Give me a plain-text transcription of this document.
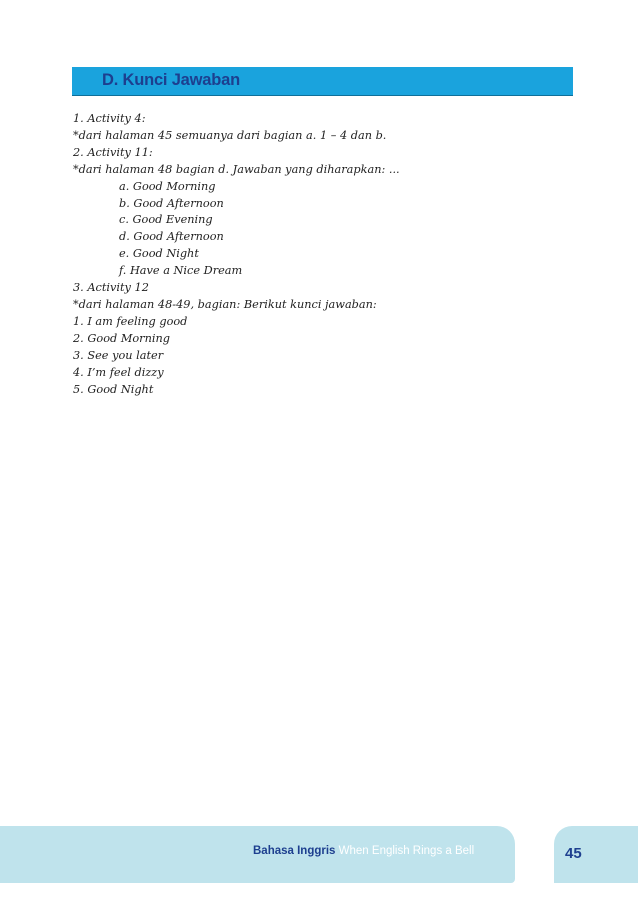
D. Kunci Jawaban
1. Activity 4:
*dari halaman 45 semuanya dari bagian a. 1 – 4 dan b.
2. Activity 11:
*dari halaman 48 bagian d. Jawaban yang diharapkan: ...
a. Good Morning
b. Good Afternoon
c. Good Evening
d. Good Afternoon
e. Good Night
f. Have a Nice Dream
3. Activity 12
*dari halaman 48-49, bagian: Berikut kunci jawaban:
1. I am feeling good
2. Good Morning
3. See you later
4. I’m feel dizzy
5. Good Night
Bahasa Inggris When English Rings a Bell	45
